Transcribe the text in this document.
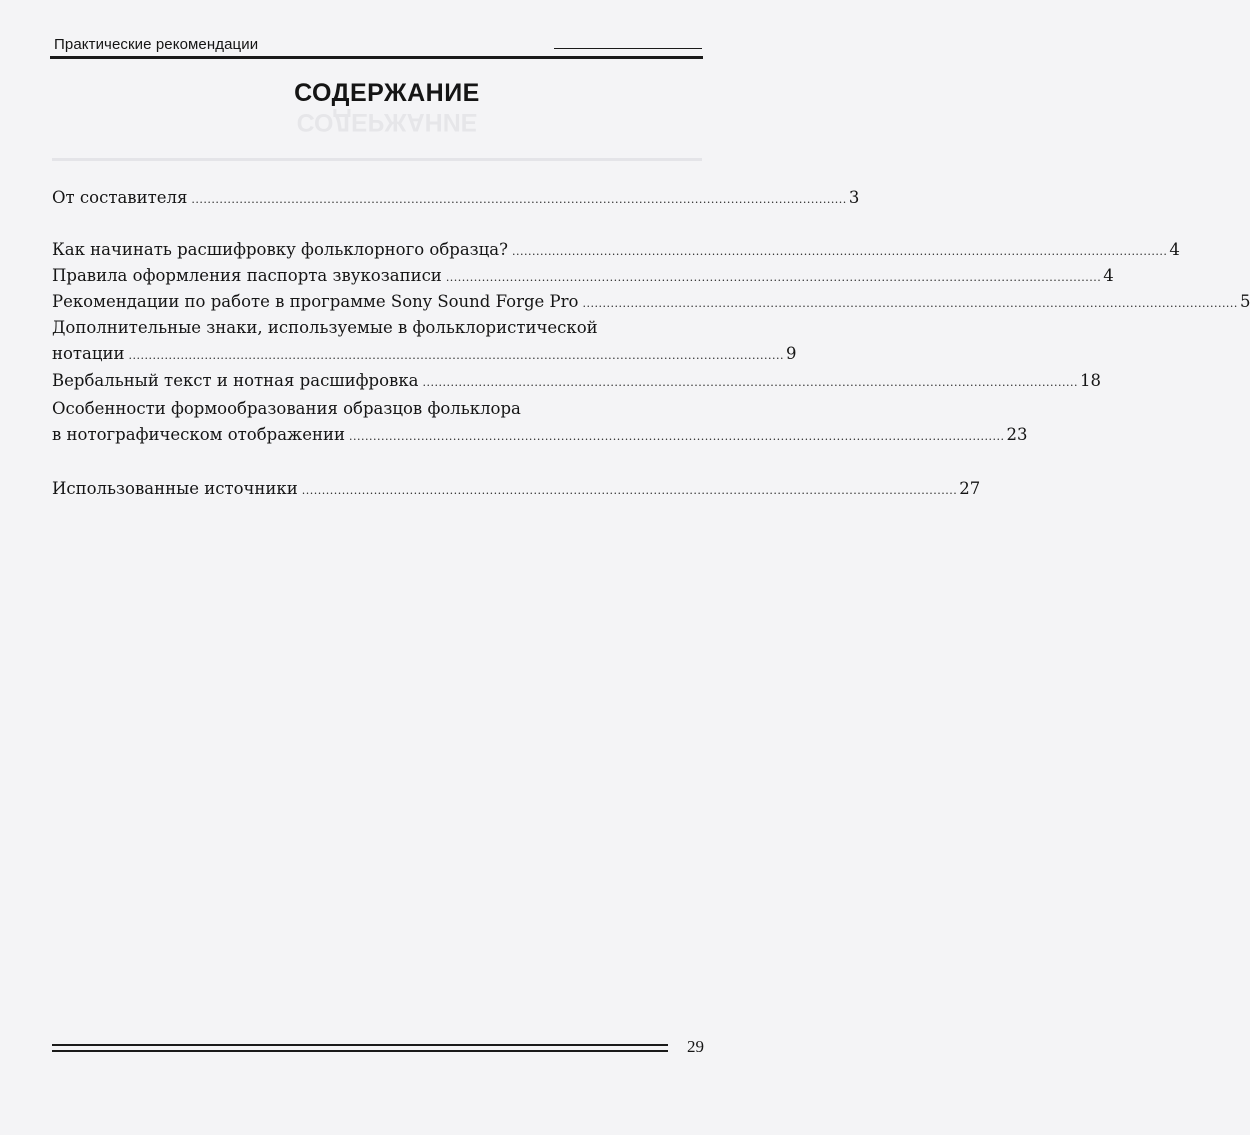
Практические рекомендации
СОДЕРЖАНИЕ
СОДЕРЖАНИЕ
От составителя .................................................................................................................................................................... 3
Как начинать расшифровку фольклорного образца? .................................................................................................................................................................... 4
Правила оформления паспорта звукозаписи .................................................................................................................................................................... 4
Рекомендации по работе в программе Sony Sound Forge Pro .................................................................................................................................................................... 5
Дополнительные знаки, используемые в фольклористической
нотации .................................................................................................................................................................... 9
Вербальный текст и нотная расшифровка .................................................................................................................................................................... 18
Особенности формообразования образцов фольклора
в нотографическом отображении .................................................................................................................................................................... 23
Использованные источники .................................................................................................................................................................... 27
29
